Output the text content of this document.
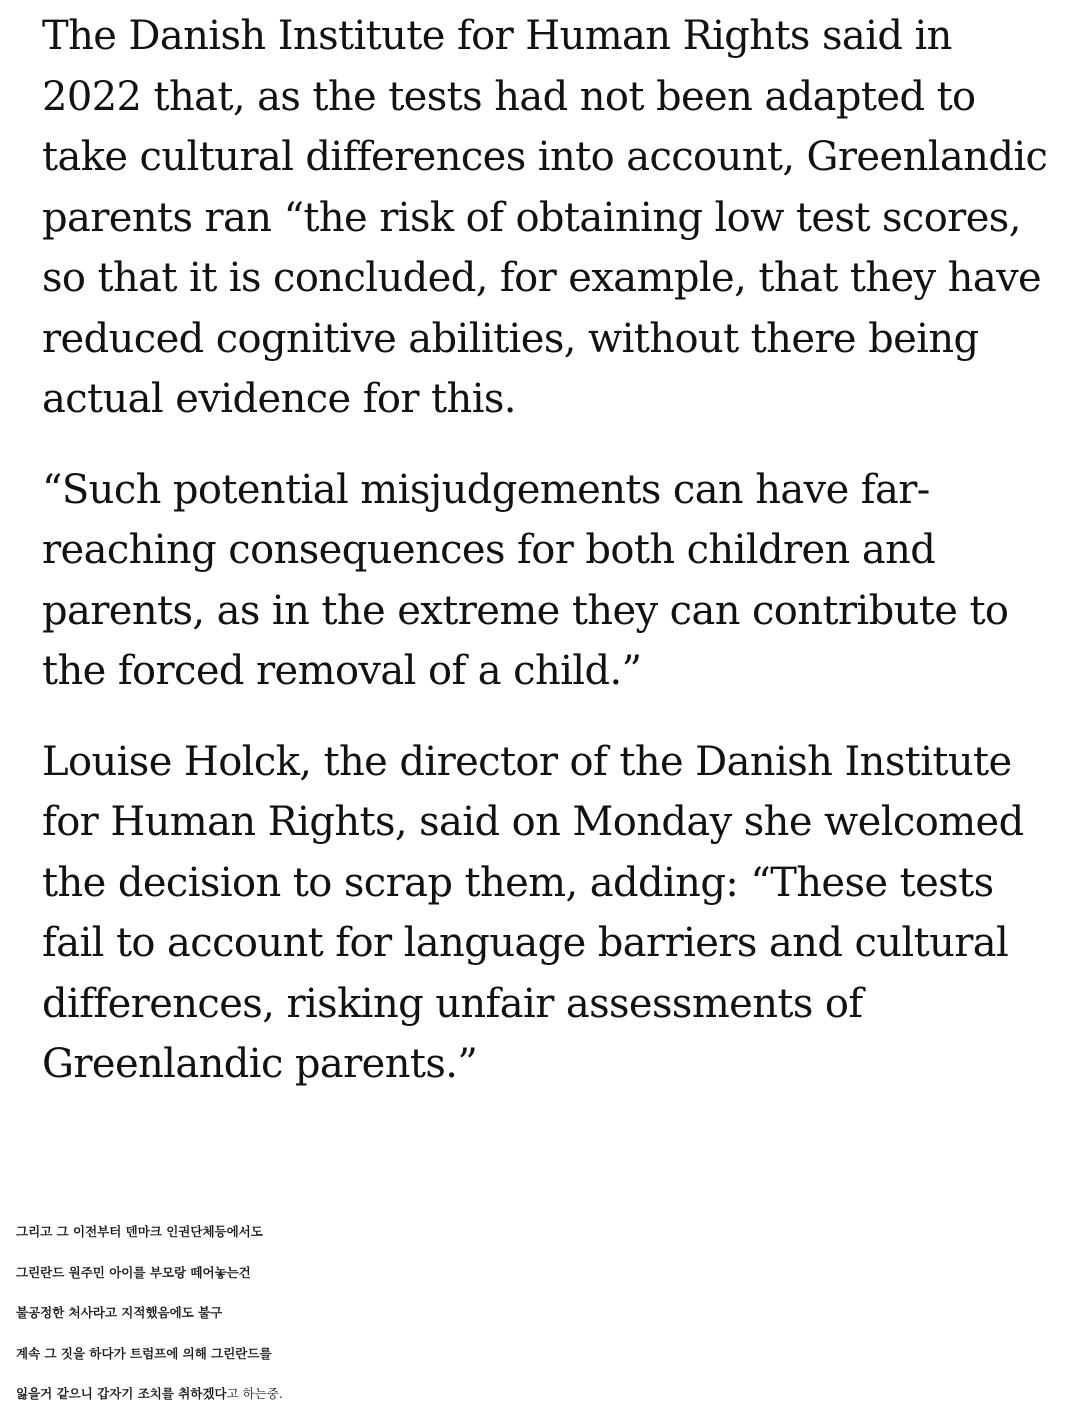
The Danish Institute for Human Rights said in 2022 that, as the tests had not been adapted to take cultural differences into account, Greenlandic parents ran “the risk of obtaining low test scores, so that it is concluded, for example, that they have reduced cognitive abilities, without there being actual evidence for this.

“Such potential misjudgements can have far-reaching consequences for both children and parents, as in the extreme they can contribute to the forced removal of a child.”

Louise Holck, the director of the Danish Institute for Human Rights, said on Monday she welcomed the decision to scrap them, adding: “These tests fail to account for language barriers and cultural differences, risking unfair assessments of Greenlandic parents.”

그리고 그 이전부터 덴마크 인권단체등에서도
그린란드 원주민 아이를 부모랑 떼어놓는건
불공정한 처사라고 지적했음에도 불구
계속 그 짓을 하다가 트럼프에 의해 그린란드를
잃을거 같으니 갑자기 조치를 취하겠다고 하는중.
